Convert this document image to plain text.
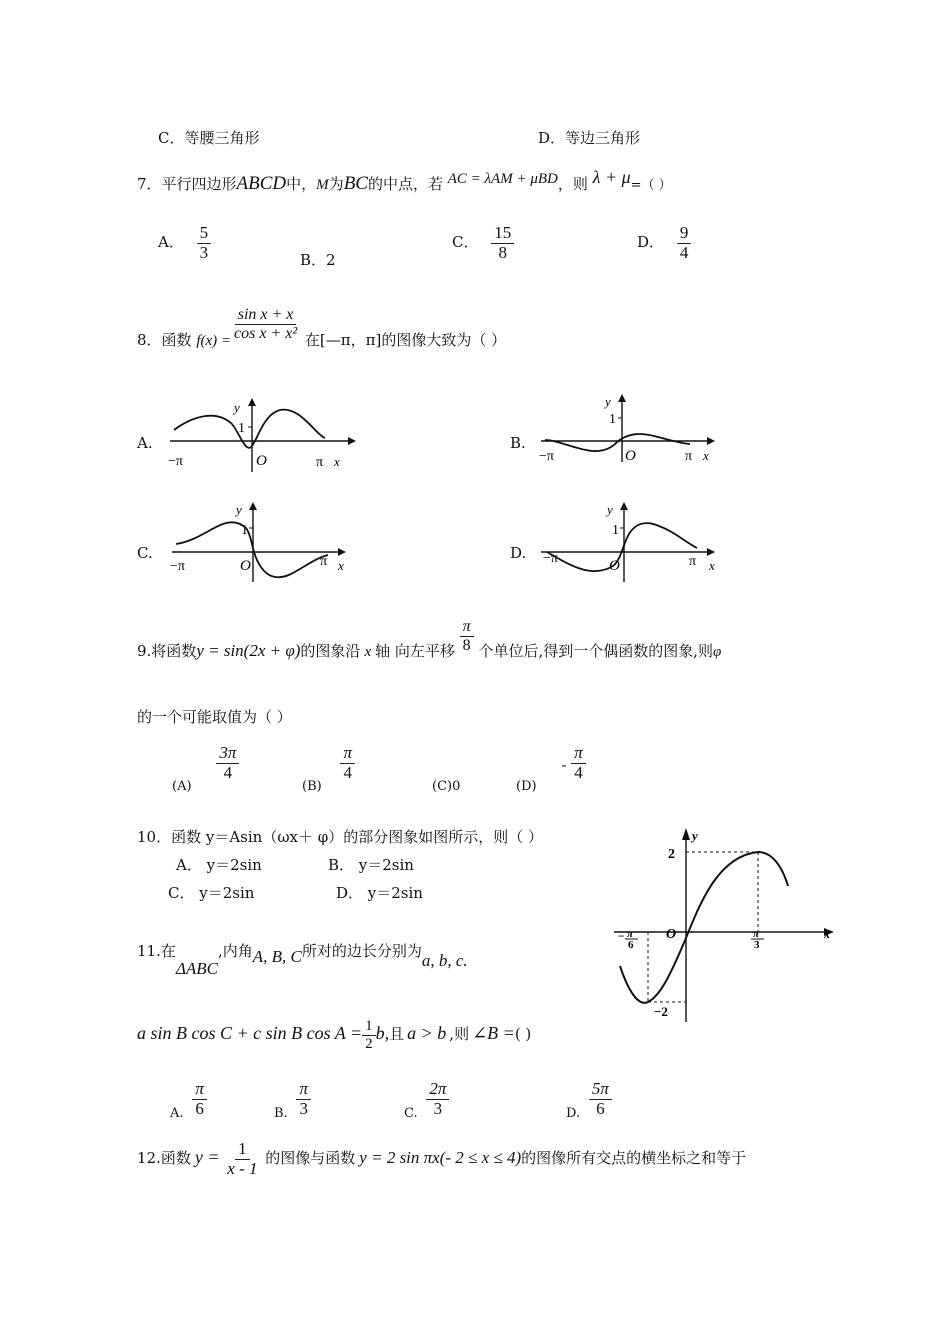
C．等腰三角形	D．等边三角形
7．平行四边形ABCD中，M为BC的中点，若 AC = λAM + μBD，则 λ + μ=（ ）
A． $\frac{5}{3}$	B．2
C． $\frac{15}{8}$	D． $\frac{9}{4}$
8．函数 $f(x) = \frac{\text{sin x + x}}{\text{cos x + x²}}$ 在[—π，π]的图像大致为（ ）
A.	B.
C.	D.
y
1
O
−π	π x
y
1
O
−π	π x
y
1
O
−π	π x
y
1
O
−π	π x
9.将函数y = sin(2x + φ)的图象沿 x 轴 向左平移 $\frac{\pi}{8}$ 个单位后,得到一个偶函数的图象,则φ
的一个可能取值为（ ）
(A)
$\frac{3\pi}{4}$
(B)
$\frac{\pi}{4}$
(C)0	$(D) - \frac{\pi}{4}$
10．函数 y＝Asin（ωx＋ φ）的部分图象如图所示，则（ ）
A． y＝2sin	B． y＝2sin
C． y＝2sin	D． y＝2sin
y
2
O
−2
− π
6
π
3
x
11.在ΔABC,内角A, B, C所对的边长分别为a, b, c.
a sin B cos C + c sin B $\cos A = \frac{1}{2} b$,且 a > b ,则 ∠B =( )
A. $\frac{\pi}{6}$	B. $\frac{\pi}{3}$	C. $\frac{2\pi}{3}$	D. $\frac{5\pi}{6}$
12.函数 $y = \frac{1}{x - 1}$ 的图像与函数 y = 2 sin πx(- 2 ≤ x ≤ 4)的图像所有交点的横坐标之和等于
